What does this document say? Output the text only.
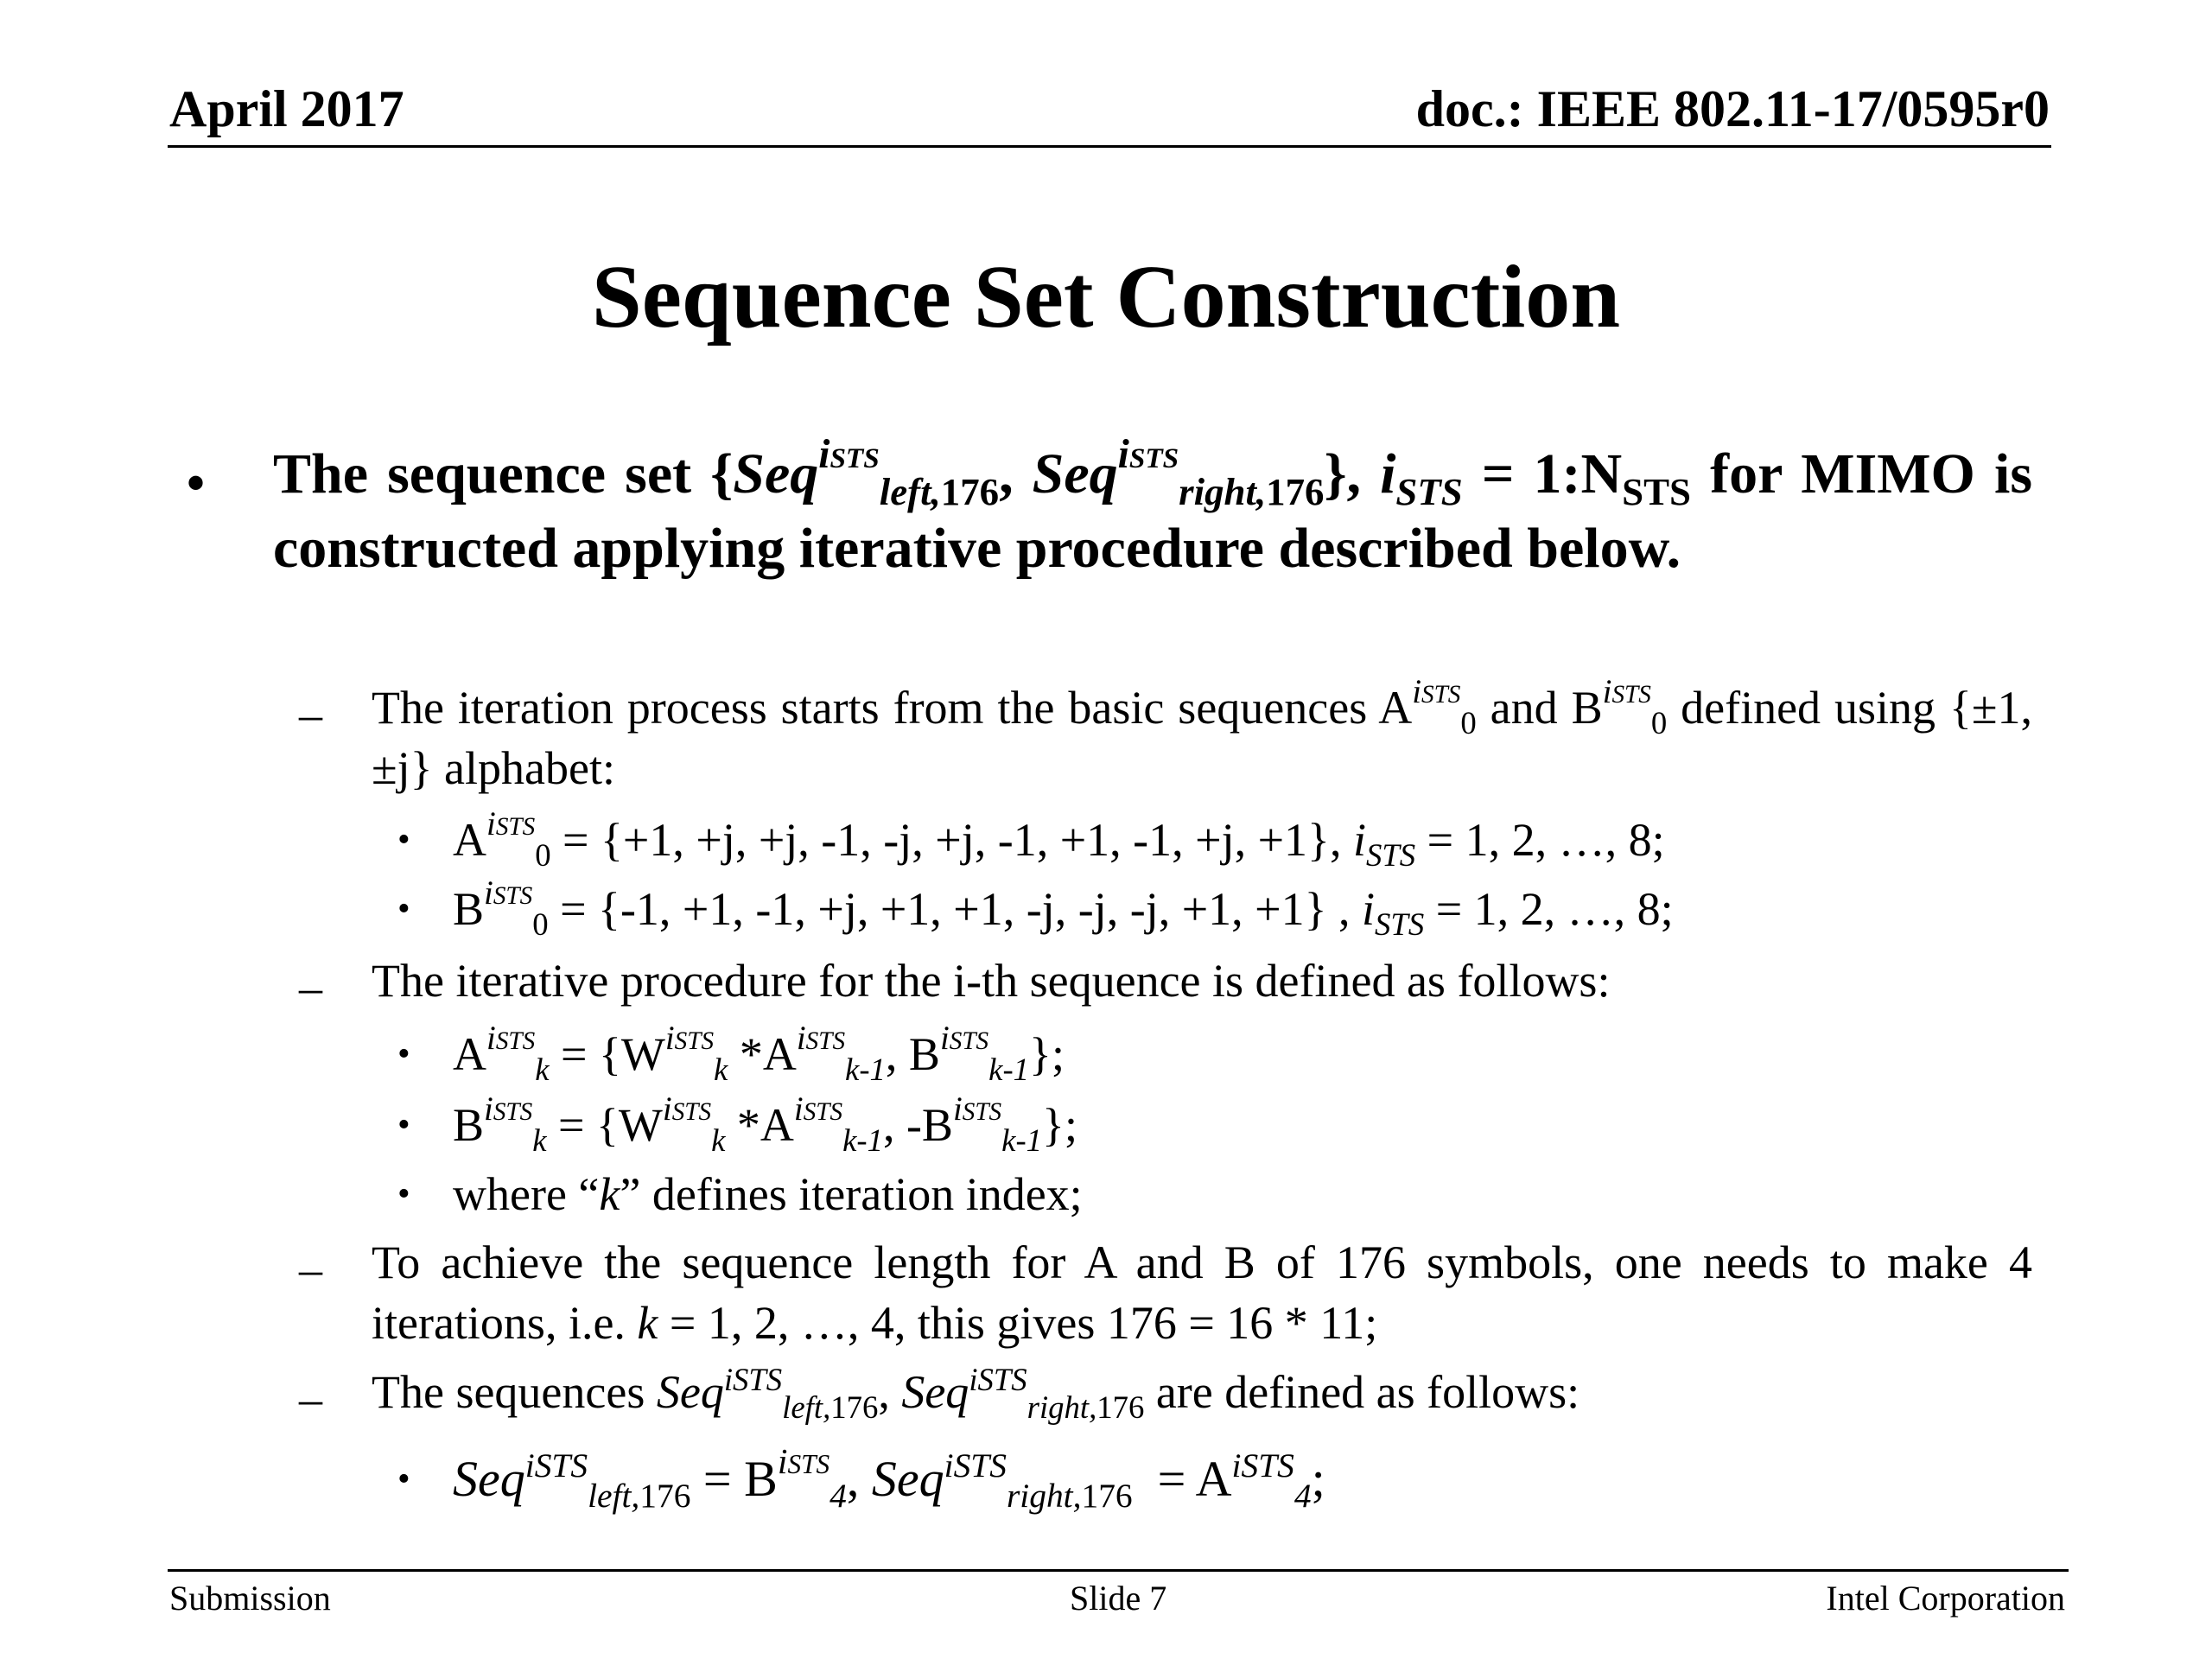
April 2017	doc.: IEEE 802.11-17/0595r0
Sequence Set Construction
• The sequence set {Seq$^{iSTS}_{left,176}$, Seq$^{iSTS}_{right,176}$}, $i_{STS}$ = $1:N_{STS}$ for MIMO is constructed applying iterative procedure described below.
– The iteration process starts from the basic sequences $A^{iSTS}_0$ and $B^{iSTS}_0$ defined using {±1, ±j} alphabet:
• $A^{iSTS}_0 = \{+1$, +j, +j, -1, -j, +j, -1, +1, -1, +j, +1}, $i_{STS} = 1$, 2, …, 8;
• $B^{iSTS}_0 = \{-1$, +1, -1, +j, +1, +1, -j, -j, -j, +1, +1} , $i_{STS} = 1$, 2, …, 8;
– The iterative procedure for the i-th sequence is defined as follows:
• $A^{iSTS}_k = \{W^{iSTS}_k$ $*A^{iSTS}_{k-1}$, $B^{iSTS}_{k-1}$};
• $B^{iSTS}_k = \{W^{iSTS}_k$ $*A^{iSTS}_{k-1}$, $-B^{iSTS}_{k-1}$};
• where “k” defines iteration index;
– To achieve the sequence length for A and B of 176 symbols, one needs to make 4 iterations, i.e. k = 1, 2, …, 4, this gives 176 = 16 * 11;
– The sequences Seq$^{iSTS}_{left,176}$, Seq$^{iSTS}_{right,176}$ are defined as follows:
• $Seq^{iSTS}_{left,176} = B^{iSTS}_4$, $Seq^{iSTS}_{right,176} = A^{iSTS}_4$;
Submission	Slide 7	Intel Corporation
